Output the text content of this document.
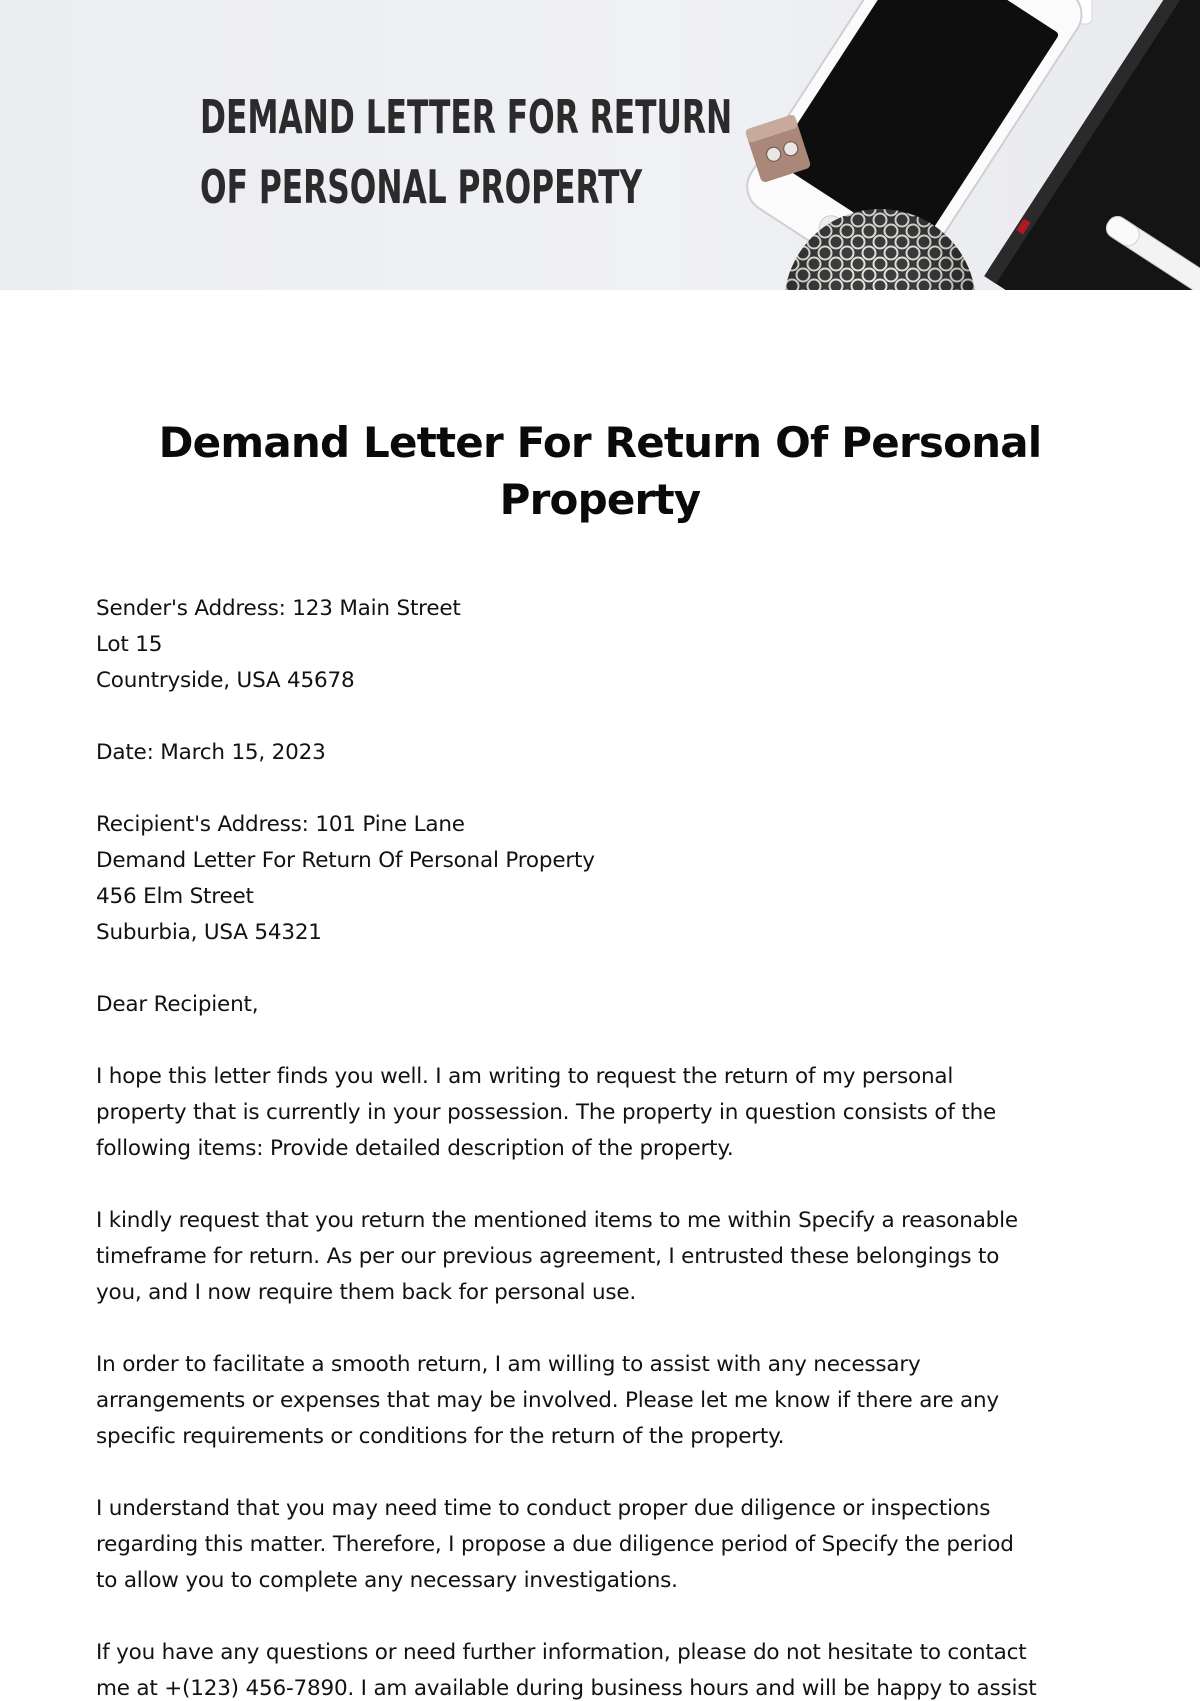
DEMAND LETTER FOR RETURN
OF PERSONAL PROPERTY
Demand Letter For Return Of Personal
Property
Sender's Address: 123 Main Street
Lot 15
Countryside, USA 45678
Date: March 15, 2023
Recipient's Address: 101 Pine Lane
Demand Letter For Return Of Personal Property
456 Elm Street
Suburbia, USA 54321
Dear Recipient,
I hope this letter finds you well. I am writing to request the return of my personal
property that is currently in your possession. The property in question consists of the
following items: Provide detailed description of the property.
I kindly request that you return the mentioned items to me within Specify a reasonable
timeframe for return. As per our previous agreement, I entrusted these belongings to
you, and I now require them back for personal use.
In order to facilitate a smooth return, I am willing to assist with any necessary
arrangements or expenses that may be involved. Please let me know if there are any
specific requirements or conditions for the return of the property.
I understand that you may need time to conduct proper due diligence or inspections
regarding this matter. Therefore, I propose a due diligence period of Specify the period
to allow you to complete any necessary investigations.
If you have any questions or need further information, please do not hesitate to contact
me at +(123) 456-7890. I am available during business hours and will be happy to assist
